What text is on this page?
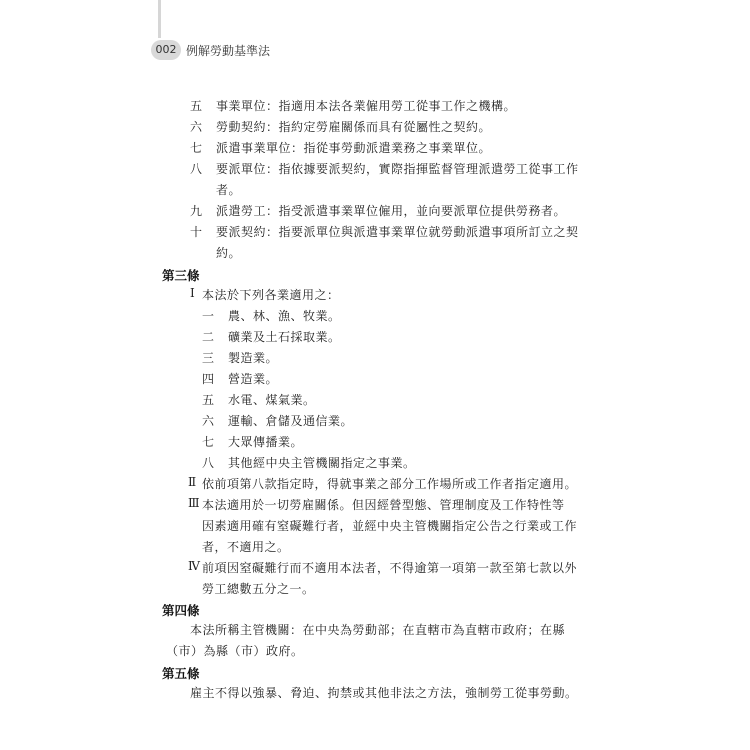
002 例解勞動基準法
五 事業單位：指適用本法各業僱用勞工從事工作之機構。
六 勞動契約：指約定勞雇關係而具有從屬性之契約。
七 派遣事業單位：指從事勞動派遣業務之事業單位。
八 要派單位：指依據要派契約，實際指揮監督管理派遣勞工從事工作
者。
九 派遣勞工：指受派遣事業單位僱用，並向要派單位提供勞務者。
十 要派契約：指要派單位與派遣事業單位就勞動派遣事項所訂立之契
約。
第三條
Ⅰ 本法於下列各業適用之：
一 農、林、漁、牧業。
二 礦業及土石採取業。
三 製造業。
四 營造業。
五 水電、煤氣業。
六 運輸、倉儲及通信業。
七 大眾傳播業。
八 其他經中央主管機關指定之事業。
Ⅱ 依前項第八款指定時，得就事業之部分工作場所或工作者指定適用。
Ⅲ 本法適用於一切勞雇關係。但因經營型態、管理制度及工作特性等
因素適用確有窒礙難行者，並經中央主管機關指定公告之行業或工作
者，不適用之。
Ⅳ 前項因窒礙難行而不適用本法者，不得逾第一項第一款至第七款以外
勞工總數五分之一。
第四條
本法所稱主管機關：在中央為勞動部；在直轄市為直轄市政府；在縣
（市）為縣（市）政府。
第五條
雇主不得以強暴、脅迫、拘禁或其他非法之方法，強制勞工從事勞動。
